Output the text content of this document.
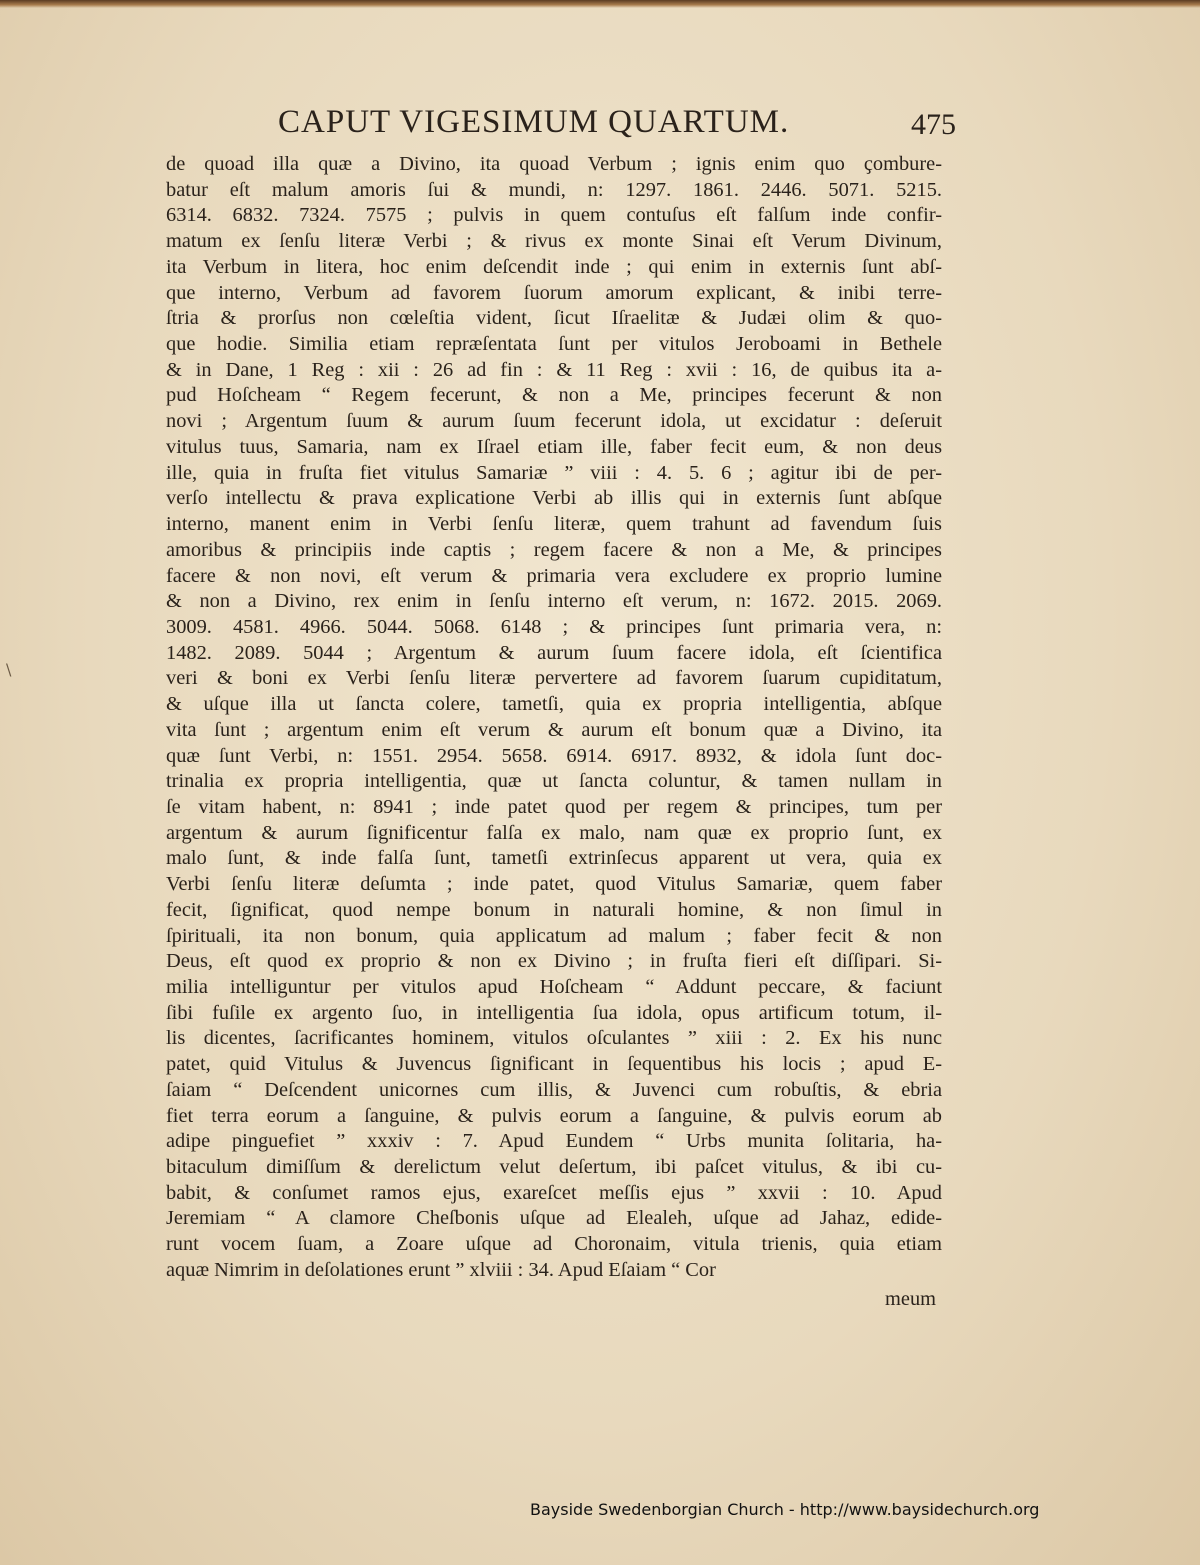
\
CAPUT VIGESIMUM QUARTUM.	475
de quoad illa quæ a Divino, ita quoad Verbum ; ignis enim quo ҫombure-
batur eſt malum amoris ſui & mundi, n: 1297. 1861. 2446. 5071. 5215.
6314. 6832. 7324. 7575 ; pulvis in quem contuſus eſt falſum inde confir-
matum ex ſenſu literæ Verbi ; & rivus ex monte Sinai eſt Verum Divinum,
ita Verbum in litera, hoc enim deſcendit inde ; qui enim in externis ſunt abſ-
que interno, Verbum ad favorem ſuorum amorum explicant, & inibi terre-
ſtria & prorſus non cœleſtia vident, ſicut Iſraelitæ & Judæi olim & quo-
que hodie. Similia etiam repræſentata ſunt per vitulos Jeroboami in Bethele
& in Dane, 1 Reg : xii : 26 ad fin : & 11 Reg : xvii : 16, de quibus ita a-
pud Hoſcheam “ Regem fecerunt, & non a Me, principes fecerunt & non
novi ; Argentum ſuum & aurum ſuum fecerunt idola, ut excidatur : deſeruit
vitulus tuus, Samaria, nam ex Iſrael etiam ille, faber fecit eum, & non deus
ille, quia in fruſta fiet vitulus Samariæ ” viii : 4. 5. 6 ; agitur ibi de per-
verſo intellectu & prava explicatione Verbi ab illis qui in externis ſunt abſque
interno, manent enim in Verbi ſenſu literæ, quem trahunt ad favendum ſuis
amoribus & principiis inde captis ; regem facere & non a Me, & principes
facere & non novi, eſt verum & primaria vera excludere ex proprio lumine
& non a Divino, rex enim in ſenſu interno eſt verum, n: 1672. 2015. 2069.
3009. 4581. 4966. 5044. 5068. 6148 ; & principes ſunt primaria vera, n:
1482. 2089. 5044 ; Argentum & aurum ſuum facere idola, eſt ſcientifica
veri & boni ex Verbi ſenſu literæ pervertere ad favorem ſuarum cupiditatum,
& uſque illa ut ſancta colere, tametſi, quia ex propria intelligentia, abſque
vita ſunt ; argentum enim eſt verum & aurum eſt bonum quæ a Divino, ita
quæ ſunt Verbi, n: 1551. 2954. 5658. 6914. 6917. 8932, & idola ſunt doc-
trinalia ex propria intelligentia, quæ ut ſancta coluntur, & tamen nullam in
ſe vitam habent, n: 8941 ; inde patet quod per regem & principes, tum per
argentum & aurum ſignificentur falſa ex malo, nam quæ ex proprio ſunt, ex
malo ſunt, & inde falſa ſunt, tametſi extrinſecus apparent ut vera, quia ex
Verbi ſenſu literæ deſumta ; inde patet, quod Vitulus Samariæ, quem faber
fecit, ſignificat, quod nempe bonum in naturali homine, & non ſimul in
ſpirituali, ita non bonum, quia applicatum ad malum ; faber fecit & non
Deus, eſt quod ex proprio & non ex Divino ; in fruſta fieri eſt diſſipari. Si-
milia intelliguntur per vitulos apud Hoſcheam “ Addunt peccare, & faciunt
ſibi fuſile ex argento ſuo, in intelligentia ſua idola, opus artificum totum, il-
lis dicentes, ſacrificantes hominem, vitulos oſculantes ” xiii : 2. Ex his nunc
patet, quid Vitulus & Juvencus ſignificant in ſequentibus his locis ; apud E-
ſaiam “ Deſcendent unicornes cum illis, & Juvenci cum robuſtis, & ebria
fiet terra eorum a ſanguine, & pulvis eorum a ſanguine, & pulvis eorum ab
adipe pinguefiet ” xxxiv : 7. Apud Eundem “ Urbs munita ſolitaria, ha-
bitaculum dimiſſum & derelictum velut deſertum, ibi paſcet vitulus, & ibi cu-
babit, & conſumet ramos ejus, exareſcet meſſis ejus ” xxvii : 10. Apud
Jeremiam “ A clamore Cheſbonis uſque ad Elealeh, uſque ad Jahaz, edide-
runt vocem ſuam, a Zoare uſque ad Choronaim, vitula trienis, quia etiam
aquæ Nimrim in deſolationes erunt ” xlviii : 34. Apud Eſaiam “ Cor
meum
Bayside Swedenborgian Church - http://www.baysidechurch.org
